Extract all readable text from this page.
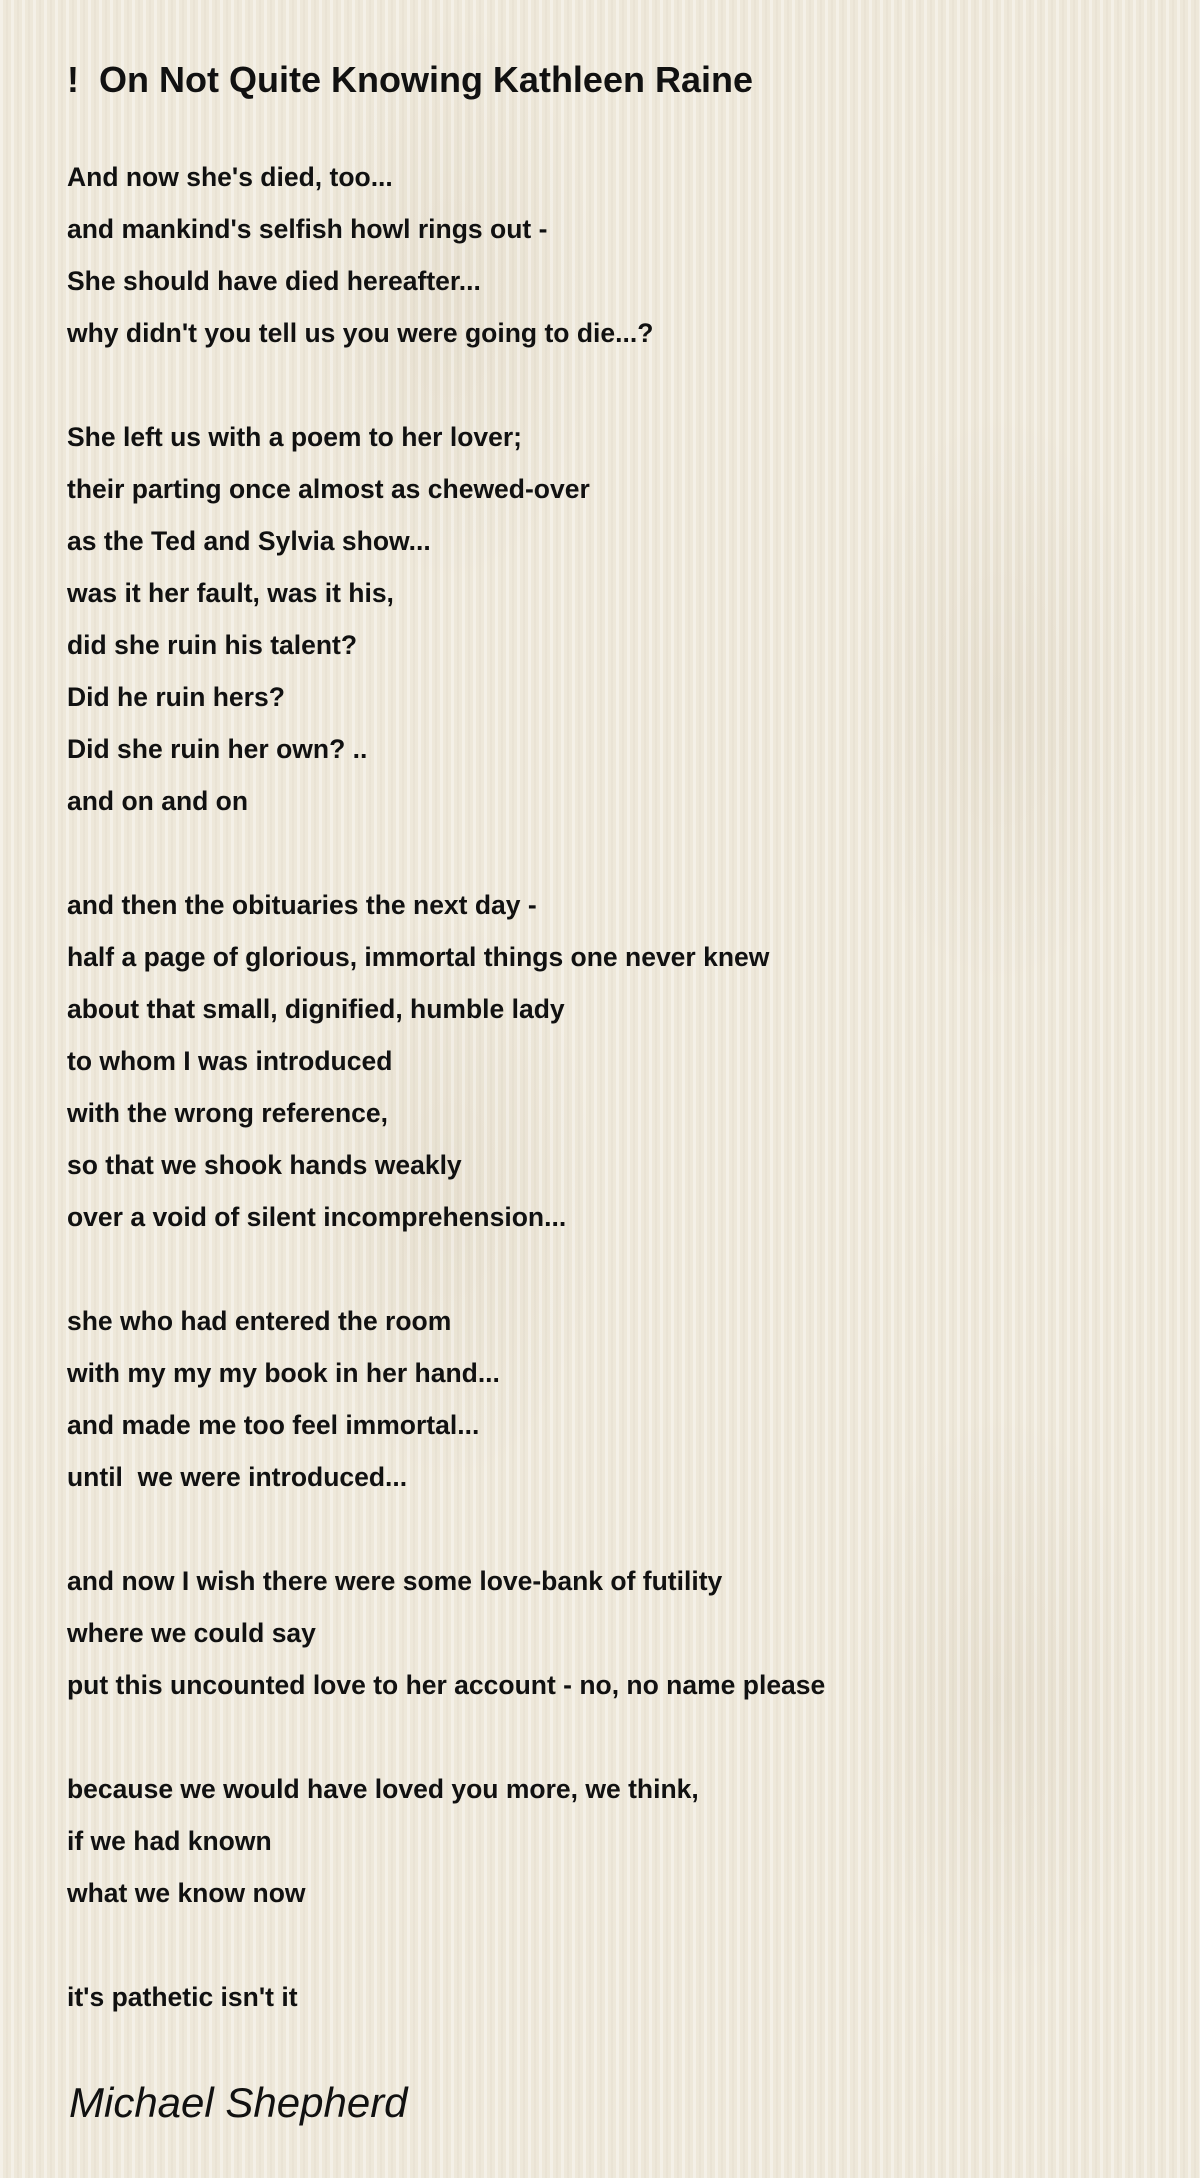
!  On Not Quite Knowing Kathleen Raine
And now she's died, too...
and mankind's selfish howl rings out -
She should have died hereafter...
why didn't you tell us you were going to die...?
She left us with a poem to her lover;
their parting once almost as chewed-over
as the Ted and Sylvia show...
was it her fault, was it his,
did she ruin his talent?
Did he ruin hers?
Did she ruin her own? ..
and on and on
and then the obituaries the next day -
half a page of glorious, immortal things one never knew
about that small, dignified, humble lady
to whom I was introduced
with the wrong reference,
so that we shook hands weakly
over a void of silent incomprehension...
she who had entered the room
with my my my book in her hand...
and made me too feel immortal...
until  we were introduced...
and now I wish there were some love-bank of futility
where we could say
put this uncounted love to her account - no, no name please
because we would have loved you more, we think,
if we had known
what we know now
it's pathetic isn't it
Michael Shepherd
